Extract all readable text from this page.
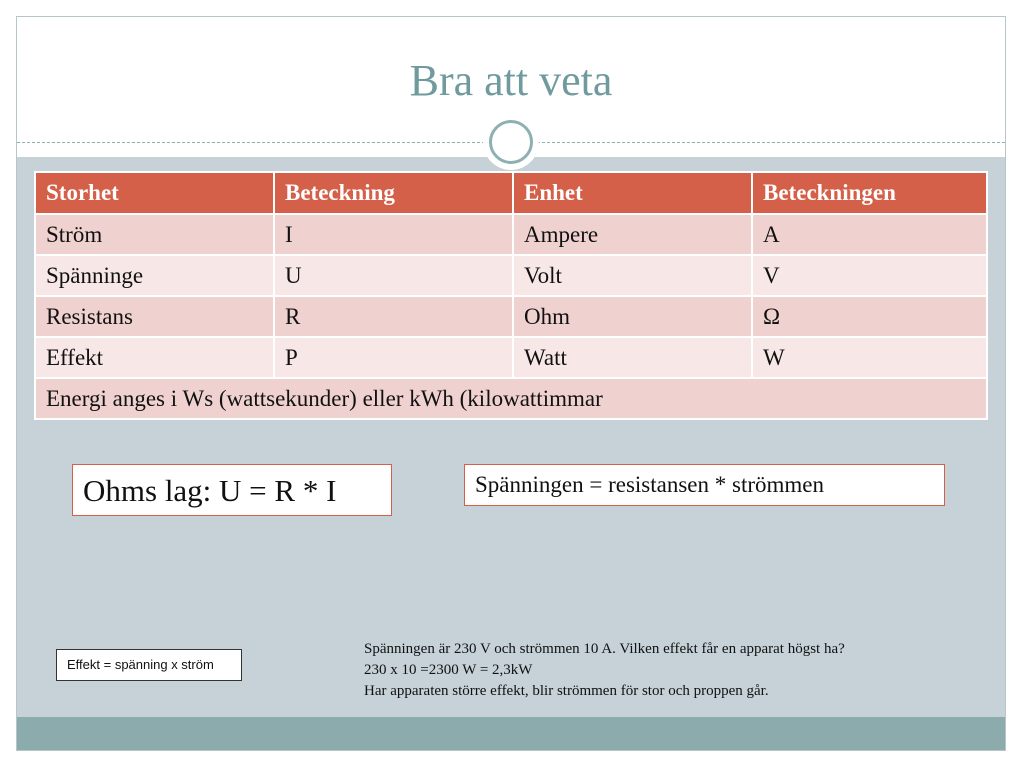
Bra att veta
Storhet	Beteckning	Enhet	Beteckningen
Ström	I	Ampere	A
Spänninge	U	Volt	V
Resistans	R	Ohm	Ω
Effekt	P	Watt	W
Energi anges i Ws (wattsekunder) eller kWh (kilowattimmar			
Ohms lag: U = R * I	Spänningen = resistansen * strömmen
Effekt = spänning x ström
Spänningen är 230 V och strömmen 10 A. Vilken effekt får en apparat högst ha?
230 x 10 =2300 W = 2,3kW
Har apparaten större effekt, blir strömmen för stor och proppen går.
